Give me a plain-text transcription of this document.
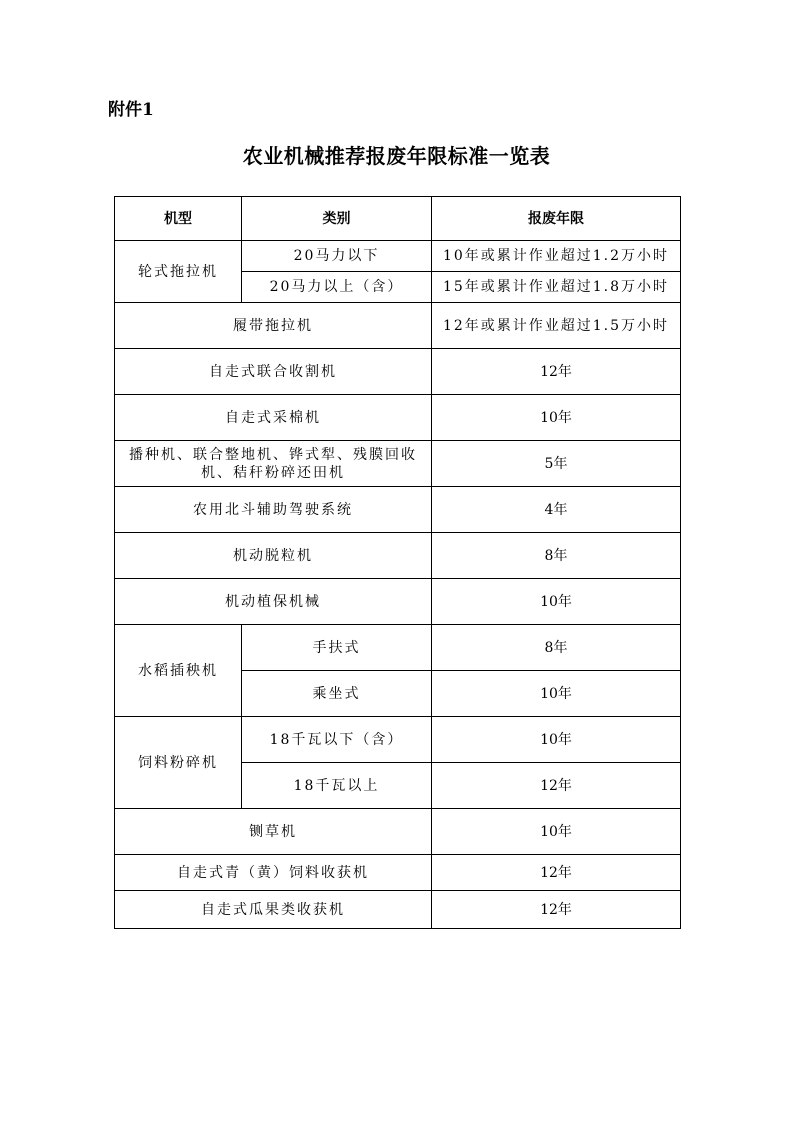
附件1
农业机械推荐报废年限标准一览表
机型	类别	报废年限
轮式拖拉机	20马力以下	10年或累计作业超过1.2万小时
	20马力以上（含）	15年或累计作业超过1.8万小时
履带拖拉机		12年或累计作业超过1.5万小时
自走式联合收割机		12年
自走式采棉机		10年
播种机、联合整地机、铧式犁、残膜回收机、秸秆粉碎还田机		5年
农用北斗辅助驾驶系统		4年
机动脱粒机		8年
机动植保机械		10年
水稻插秧机	手扶式	8年
	乘坐式	10年
饲料粉碎机	18千瓦以下（含）	10年
	18千瓦以上	12年
铡草机		10年
自走式青（黄）饲料收获机		12年
自走式瓜果类收获机		12年
